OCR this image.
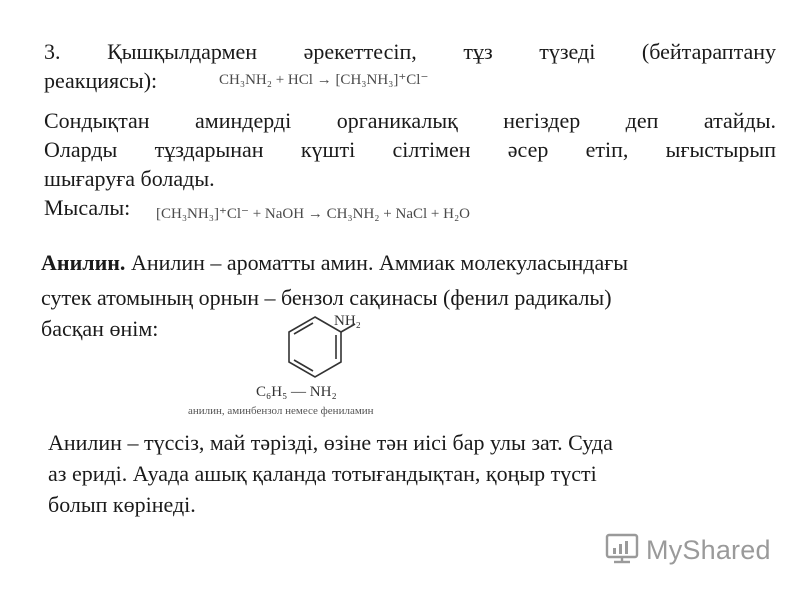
3. Қышқылдармен әрекеттесіп, тұз түзеді (бейтараптану

реакциясы):	CH₃NH₂ + HCl → [CH₃NH₃]⁺Cl⁻

Сондықтан аминдерді органикалық негіздер деп атайды.

Оларды тұздарынан күшті сілтімен әсер етіп, ығыстырып

шығаруға болады.

Мысалы: [CH₃NH₃]⁺Cl⁻ + NaOH → CH₃NH₂ + NaCl + H₂O

Анилин. Анилин – ароматты амин. Аммиак молекуласындағы

сутек атомының орнын – бензол сақинасы (фенил радикалы)

басқан өнім:	NH₂
C₆H₅ — NH₂
анилин, аминбензол немесе фениламин

Анилин – түссіз, май тәрізді, өзіне тән иісі бар улы зат. Суда

аз ериді. Ауада ашық қаланда тотығандықтан, қоңыр түсті

болып көрінеді.

MyShared
